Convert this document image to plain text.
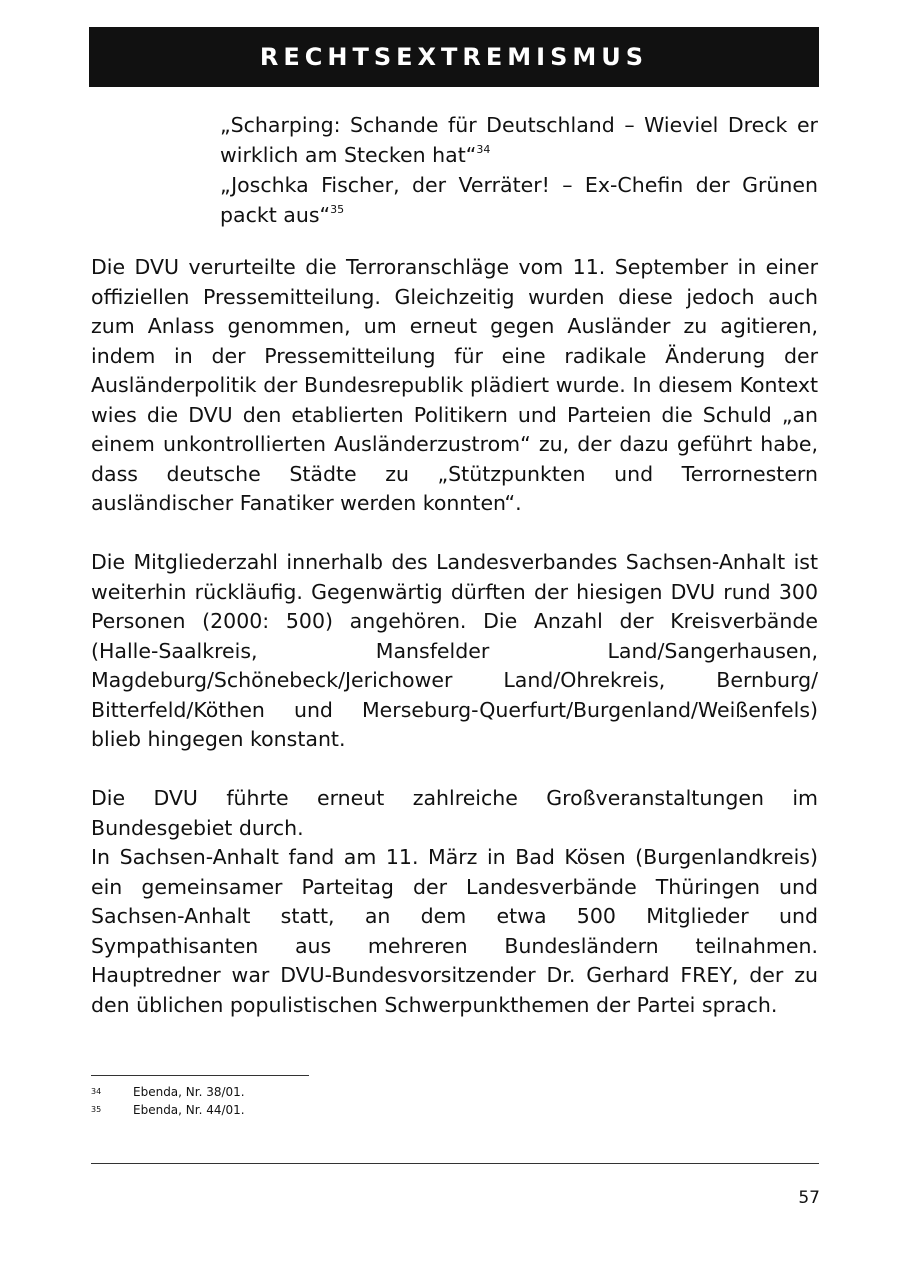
RECHTSEXTREMISMUS

„Scharping: Schande für Deutschland – Wieviel Dreck er wirklich am Stecken hat“$^{34}$

„Joschka Fischer, der Verräter! – Ex-Chefin der Grünen packt aus“$^{35}$

Die DVU verurteilte die Terroranschläge vom 11. September in einer offiziellen Pressemitteilung. Gleichzeitig wurden diese jedoch auch zum Anlass genommen, um erneut gegen Ausländer zu agitieren, indem in der Pressemitteilung für eine radikale Änderung der Ausländerpolitik der Bundesrepublik plädiert wurde. In diesem Kontext wies die DVU den etablierten Politikern und Parteien die Schuld „an einem unkontrollierten Ausländerzustrom“ zu, der dazu geführt habe, dass deutsche Städte zu „Stützpunkten und Terrornestern ausländischer Fanatiker werden konnten“.

Die Mitgliederzahl innerhalb des Landesverbandes Sachsen-Anhalt ist weiterhin rückläufig. Gegenwärtig dürften der hiesigen DVU rund 300 Personen (2000: 500) angehören. Die Anzahl der Kreisverbände (Halle-Saalkreis, Mansfelder Land/Sangerhausen, Magdeburg/Schönebeck/Jerichower Land/Ohrekreis, Bernburg/ Bitterfeld/Köthen und Merseburg-Querfurt/Burgenland/Weißenfels) blieb hingegen konstant.

Die DVU führte erneut zahlreiche Großveranstaltungen im Bundesgebiet durch.

In Sachsen-Anhalt fand am 11. März in Bad Kösen (Burgenlandkreis) ein gemeinsamer Parteitag der Landesverbände Thüringen und Sachsen-Anhalt statt, an dem etwa 500 Mitglieder und Sympathisanten aus mehreren Bundesländern teilnahmen. Hauptredner war DVU-Bundesvorsitzender Dr. Gerhard FREY, der zu den üblichen populistischen Schwerpunkthemen der Partei sprach.

34	Ebenda, Nr. 38/01.
35	Ebenda, Nr. 44/01.
57
